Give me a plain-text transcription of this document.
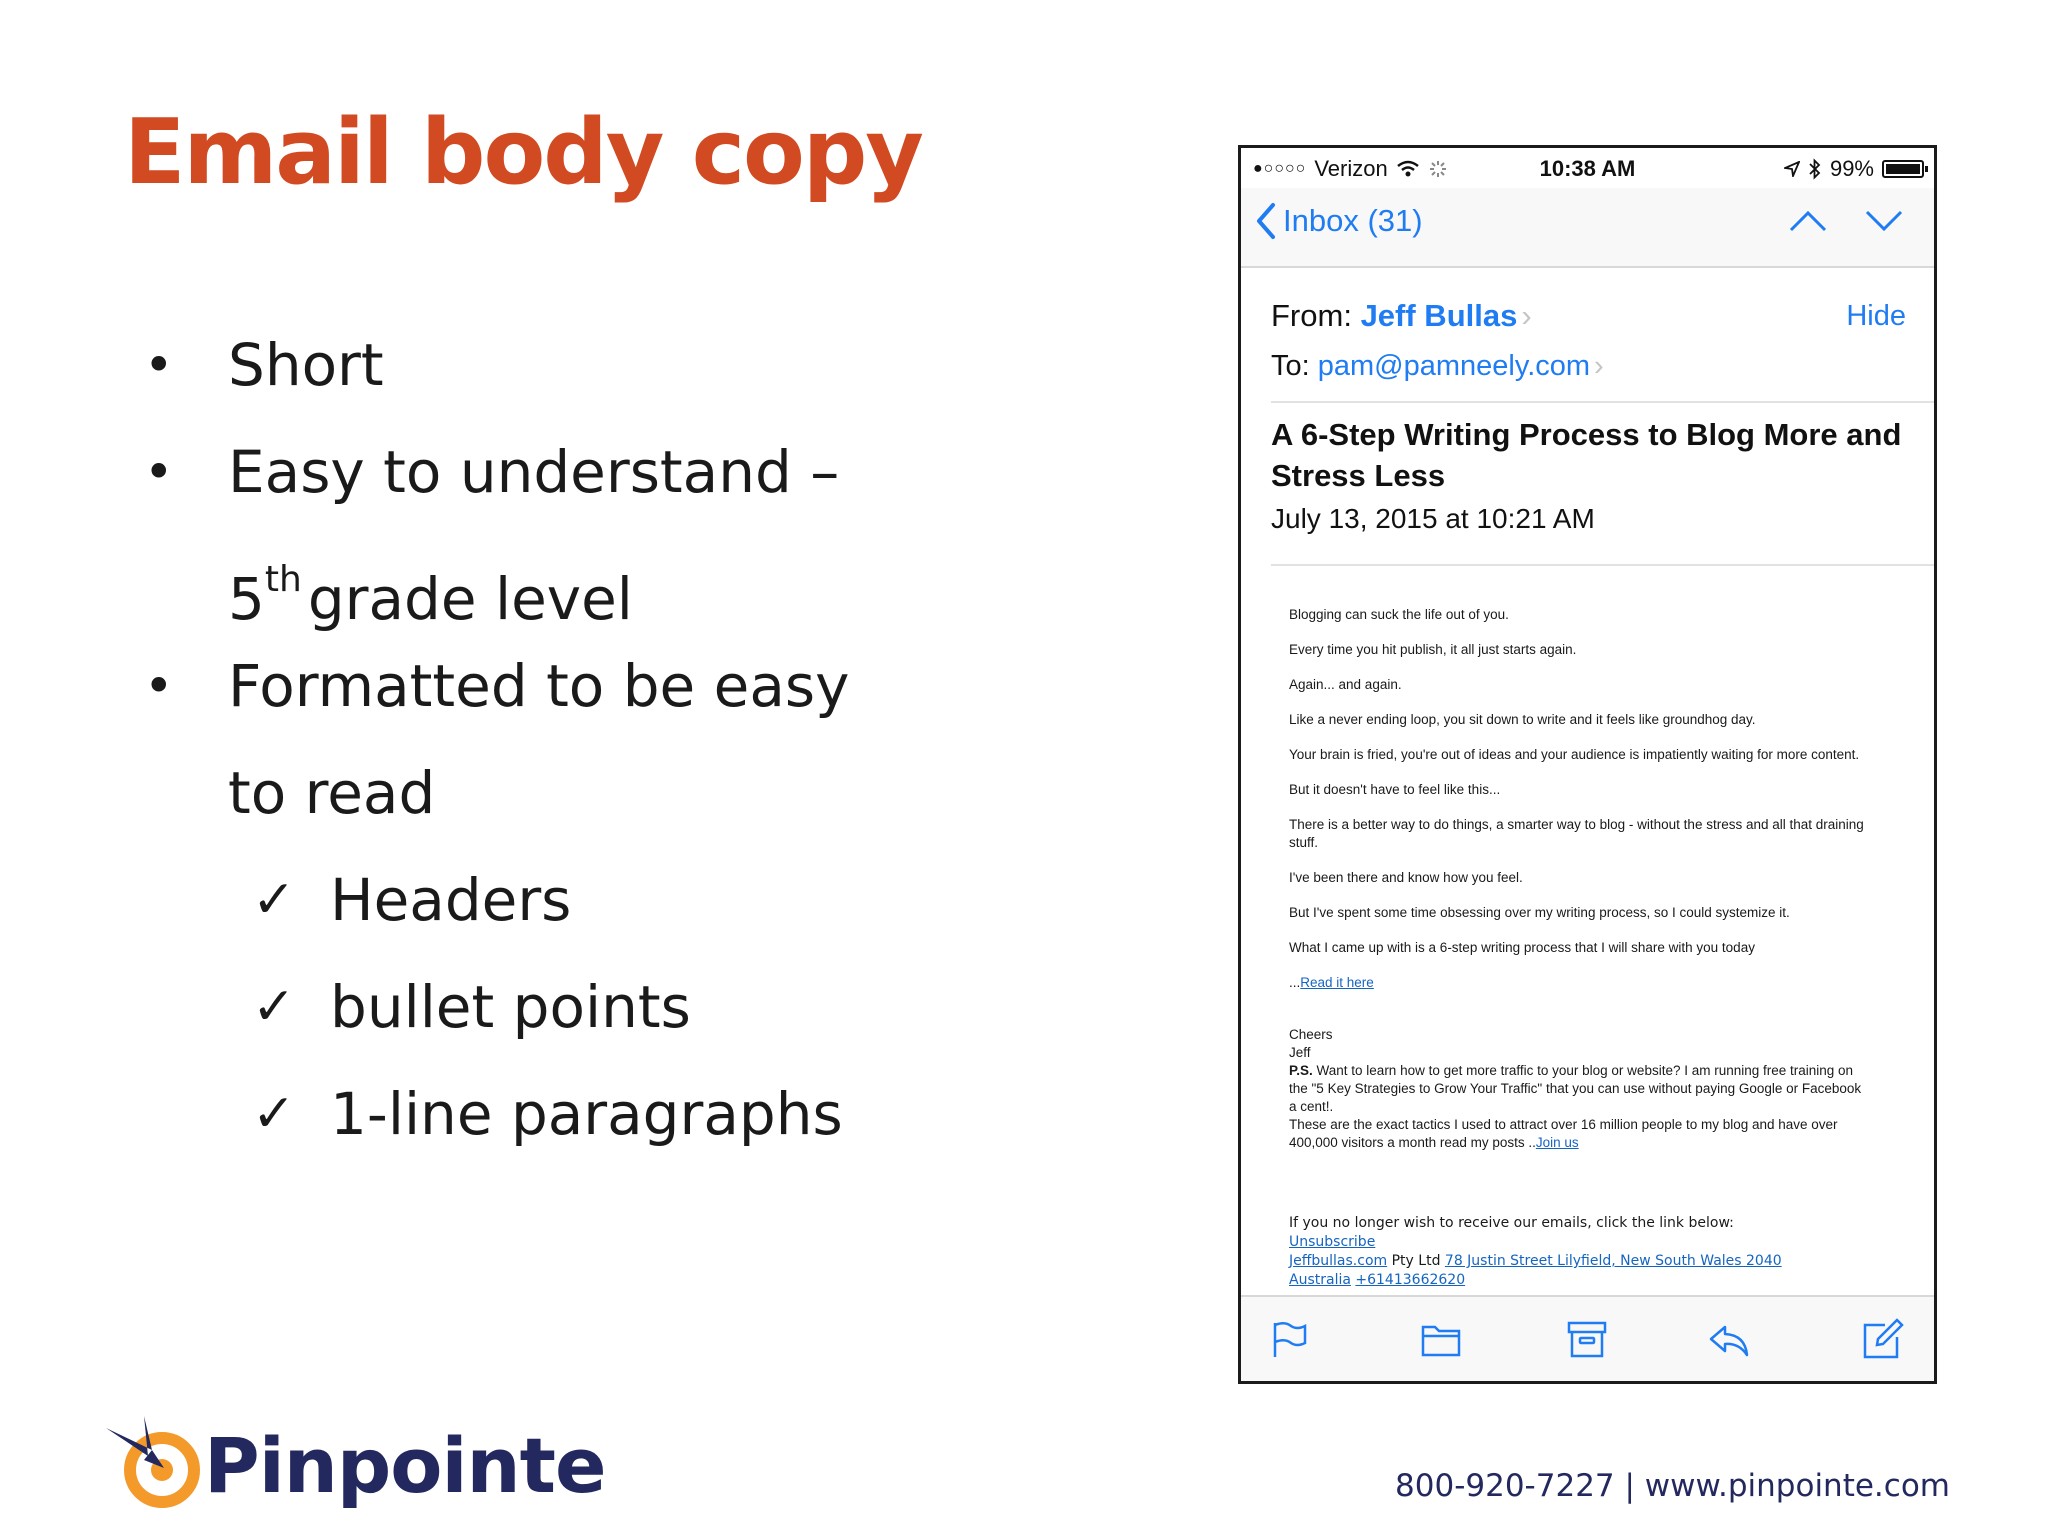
Email body copy
• Short
• Easy to understand –
5th grade level
• Formatted to be easy
to read
✓ Headers
✓ bullet points
✓ 1-line paragraphs
●○○○○ Verizon	10:38 AM	99%
Inbox (31)
From: Jeff Bullas ›	Hide
To: pam@pamneely.com ›
A 6-Step Writing Process to Blog More and Stress Less
July 13, 2015 at 10:21 AM

Blogging can suck the life out of you.

Every time you hit publish, it all just starts again.

Again... and again.

Like a never ending loop, you sit down to write and it feels like groundhog day.

Your brain is fried, you're out of ideas and your audience is impatiently waiting for more content.

But it doesn't have to feel like this...

There is a better way to do things, a smarter way to blog - without the stress and all that draining stuff.

I've been there and know how you feel.

But I've spent some time obsessing over my writing process, so I could systemize it.

What I came up with is a 6-step writing process that I will share with you today

...Read it here

Cheers
Jeff
P.S. Want to learn how to get more traffic to your blog or website? I am running free training on the "5 Key Strategies to Grow Your Traffic" that you can use without paying Google or Facebook a cent!.
These are the exact tactics I used to attract over 16 million people to my blog and have over 400,000 visitors a month read my posts ..Join us
If you no longer wish to receive our emails, click the link below:
Unsubscribe
Jeffbullas.com Pty Ltd 78 Justin Street Lilyfield, New South Wales 2040
Australia +61413662620
Pinpointe	800-920-7227 | www.pinpointe.com
